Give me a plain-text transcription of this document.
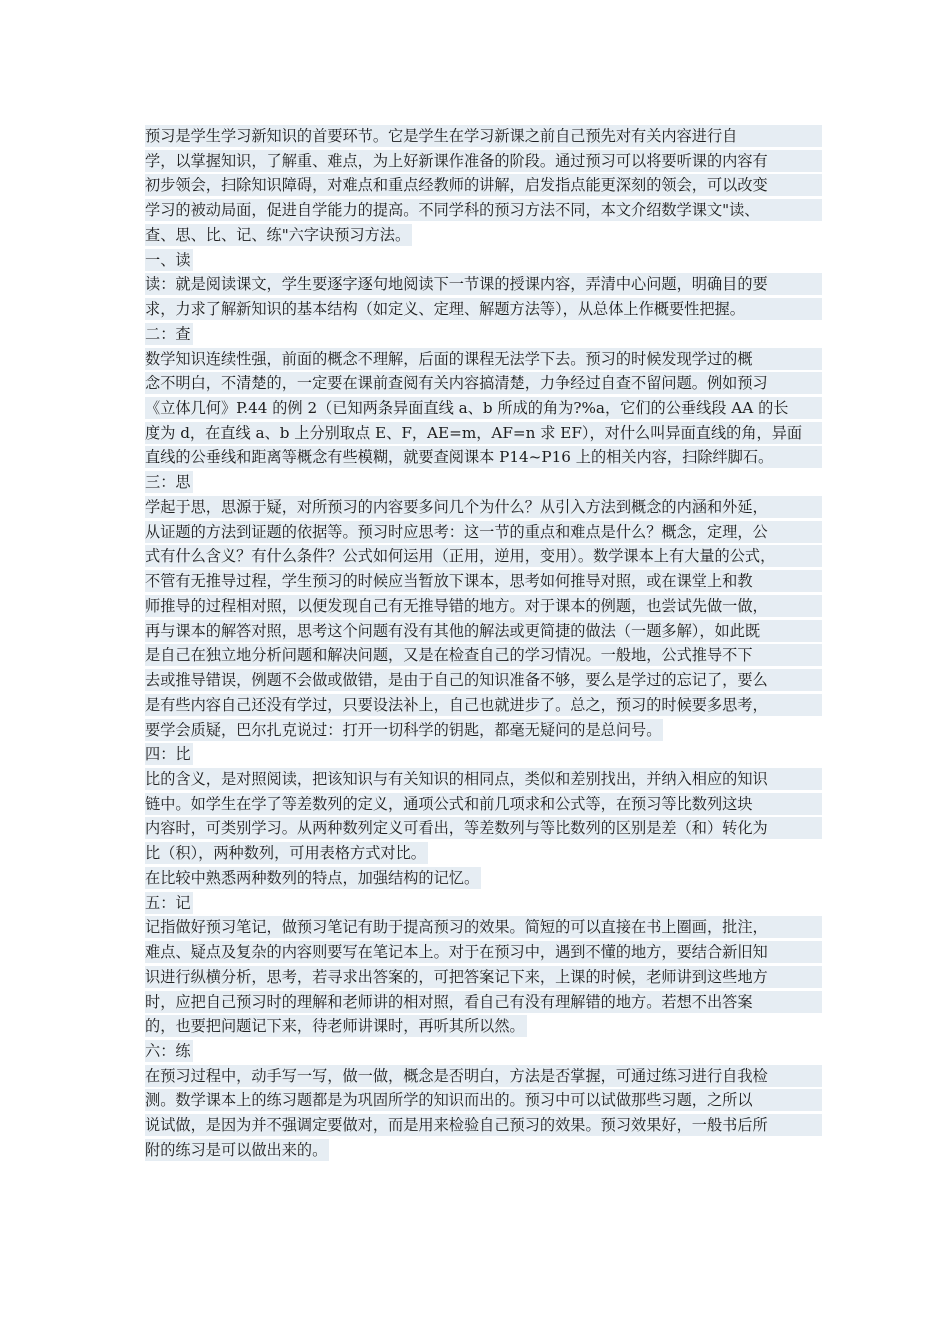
预习是学生学习新知识的首要环节。它是学生在学习新课之前自己预先对有关内容进行自
学，以掌握知识，了解重、难点，为上好新课作准备的阶段。通过预习可以将要听课的内容有
初步领会，扫除知识障碍，对难点和重点经教师的讲解，启发指点能更深刻的领会，可以改变
学习的被动局面，促进自学能力的提高。不同学科的预习方法不同，本文介绍数学课文"读、
查、思、比、记、练"六字诀预习方法。
一、读
读：就是阅读课文，学生要逐字逐句地阅读下一节课的授课内容，弄清中心问题，明确目的要
求，力求了解新知识的基本结构（如定义、定理、解题方法等），从总体上作概要性把握。
二：查
数学知识连续性强，前面的概念不理解，后面的课程无法学下去。预习的时候发现学过的概
念不明白，不清楚的，一定要在课前查阅有关内容搞清楚，力争经过自查不留问题。例如预习
《立体几何》P.44 的例 2（已知两条异面直线 a、b 所成的角为?%a，它们的公垂线段 AA 的长
度为 d，在直线 a、b 上分别取点 E、F，AE=m，AF=n 求 EF），对什么叫异面直线的角，异面
直线的公垂线和距离等概念有些模糊，就要查阅课本 P14~P16 上的相关内容，扫除绊脚石。
三：思
学起于思，思源于疑，对所预习的内容要多问几个为什么？从引入方法到概念的内涵和外延，
从证题的方法到证题的依据等。预习时应思考：这一节的重点和难点是什么？概念，定理，公
式有什么含义？有什么条件？公式如何运用（正用，逆用，变用）。数学课本上有大量的公式，
不管有无推导过程，学生预习的时候应当暂放下课本，思考如何推导对照，或在课堂上和教
师推导的过程相对照，以便发现自己有无推导错的地方。对于课本的例题，也尝试先做一做，
再与课本的解答对照，思考这个问题有没有其他的解法或更简捷的做法（一题多解），如此既
是自己在独立地分析问题和解决问题，又是在检查自己的学习情况。一般地，公式推导不下
去或推导错误，例题不会做或做错，是由于自己的知识准备不够，要么是学过的忘记了，要么
是有些内容自己还没有学过，只要设法补上，自己也就进步了。总之，预习的时候要多思考，
要学会质疑，巴尔扎克说过：打开一切科学的钥匙，都毫无疑问的是总问号。
四：比
比的含义，是对照阅读，把该知识与有关知识的相同点，类似和差别找出，并纳入相应的知识
链中。如学生在学了等差数列的定义，通项公式和前几项求和公式等，在预习等比数列这块
内容时，可类别学习。从两种数列定义可看出，等差数列与等比数列的区别是差（和）转化为
比（积），两种数列，可用表格方式对比。
在比较中熟悉两种数列的特点，加强结构的记忆。
五：记
记指做好预习笔记，做预习笔记有助于提高预习的效果。简短的可以直接在书上圈画，批注，
难点、疑点及复杂的内容则要写在笔记本上。对于在预习中，遇到不懂的地方，要结合新旧知
识进行纵横分析，思考，若寻求出答案的，可把答案记下来，上课的时候，老师讲到这些地方
时，应把自己预习时的理解和老师讲的相对照，看自己有没有理解错的地方。若想不出答案
的，也要把问题记下来，待老师讲课时，再听其所以然。
六：练
在预习过程中，动手写一写，做一做，概念是否明白，方法是否掌握，可通过练习进行自我检
测。数学课本上的练习题都是为巩固所学的知识而出的。预习中可以试做那些习题，之所以
说试做，是因为并不强调定要做对，而是用来检验自己预习的效果。预习效果好，一般书后所
附的练习是可以做出来的。
